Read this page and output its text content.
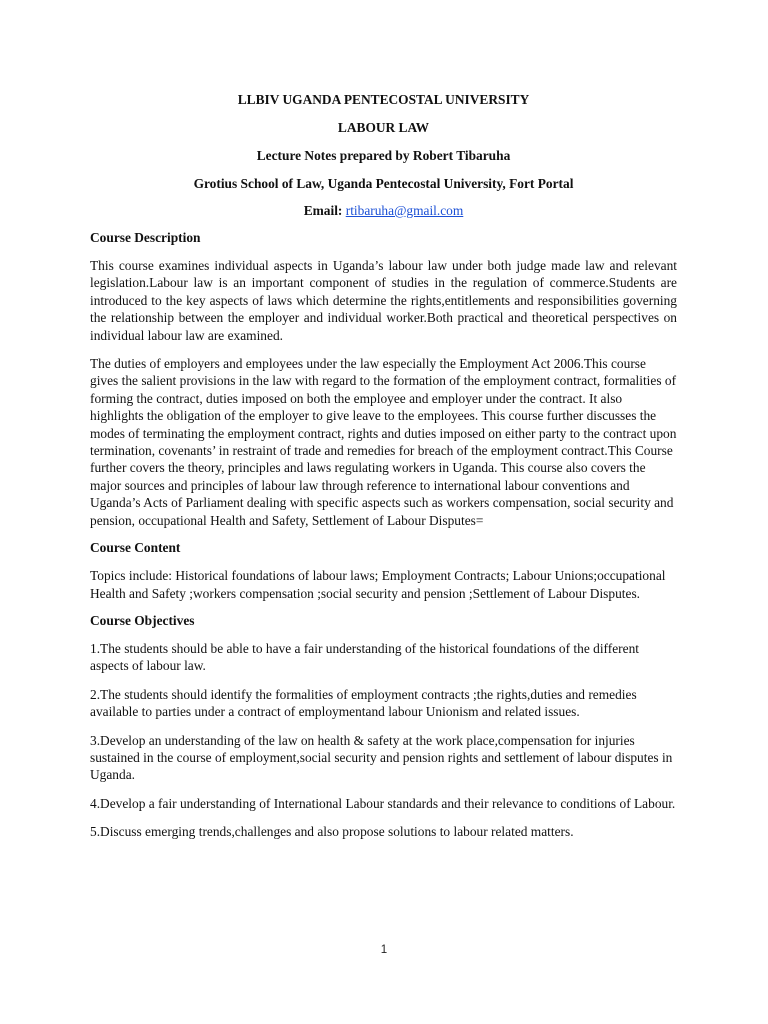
LLBIV UGANDA PENTECOSTAL UNIVERSITY

LABOUR LAW

Lecture Notes prepared by Robert Tibaruha

Grotius School of Law, Uganda Pentecostal University, Fort Portal

Email: rtibaruha@gmail.com

Course Description

This course examines individual aspects in Uganda’s labour law under both judge made law and relevant legislation.Labour law is an important component of studies in the regulation of commerce.Students are introduced to the key aspects of laws which determine the rights,entitlements and responsibilities governing the relationship between the employer and individual worker.Both practical and theoretical perspectives on individual labour law are examined.

The duties of employers and employees under the law especially the Employment Act 2006.This course gives the salient provisions in the law with regard to the formation of the employment contract, formalities of forming the contract, duties imposed on both the employee and employer under the contract. It also highlights the obligation of the employer to give leave to the employees. This course further discusses the modes of terminating the employment contract, rights and duties imposed on either party to the contract upon termination, covenants’ in restraint of trade and remedies for breach of the employment contract.This Course further covers the theory, principles and laws regulating workers in Uganda. This course also covers the major sources and principles of labour law through reference to international labour conventions and Uganda’s Acts of Parliament dealing with specific aspects such as workers compensation, social security and pension, occupational Health and Safety, Settlement of Labour Disputes=

Course Content

Topics include: Historical foundations of labour laws; Employment Contracts; Labour Unions;occupational Health and Safety ;workers compensation ;social security and pension ;Settlement of Labour Disputes.

Course Objectives

1.The students should be able to have a fair understanding of the historical foundations of the different aspects of labour law.

2.The students should identify the formalities of employment contracts ;the rights,duties and remedies available to parties under a contract of employmentand labour Unionism and related issues.

3.Develop an understanding of the law on health & safety at the work place,compensation for injuries sustained in the course of employment,social security and pension rights and settlement of labour disputes in Uganda.

4.Develop a fair understanding of International Labour standards and their relevance to conditions of Labour.

5.Discuss emerging trends,challenges and also propose solutions to labour related matters.

1
